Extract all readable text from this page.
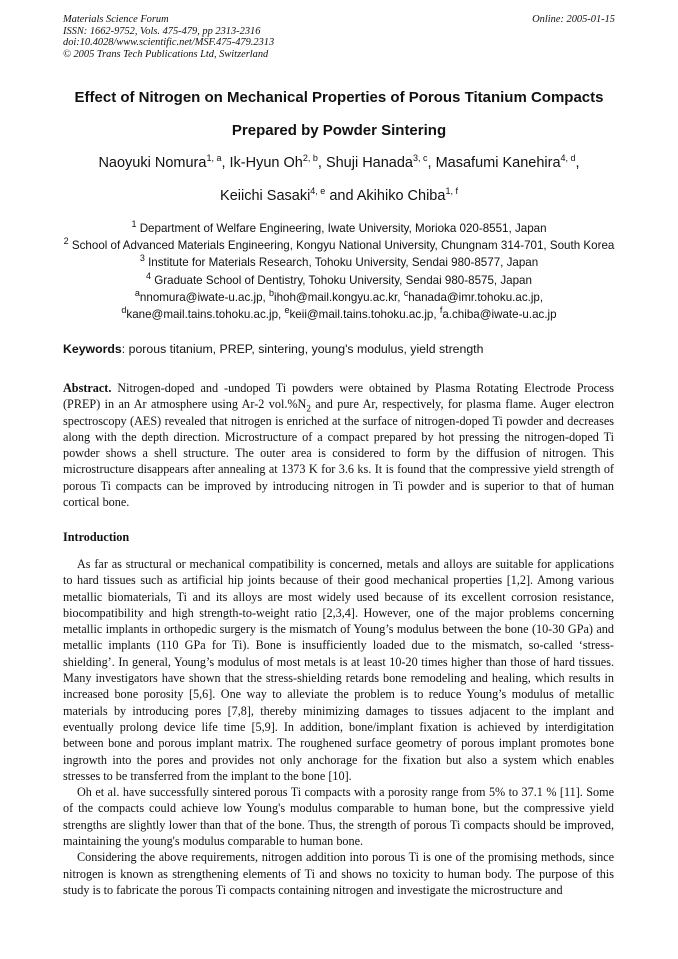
Materials Science Forum
ISSN: 1662-9752, Vols. 475-479, pp 2313-2316
doi:10.4028/www.scientific.net/MSF.475-479.2313
© 2005 Trans Tech Publications Ltd, Switzerland
Online: 2005-01-15
Effect of Nitrogen on Mechanical Properties of Porous Titanium Compacts
Prepared by Powder Sintering
Naoyuki Nomura$^{1, a}$, Ik-Hyun Oh$^{2, b}$, Shuji Hanada$^{3, c}$, Masafumi Kanehira$^{4, d}$,
Keiichi Sasaki$^{4, e}$ and Akihiko Chiba$^{1, f}$
$^1$ Department of Welfare Engineering, Iwate University, Morioka 020-8551, Japan
$^2$ School of Advanced Materials Engineering, Kongyu National University, Chungnam 314-701, South Korea
$^3$ Institute for Materials Research, Tohoku University, Sendai 980-8577, Japan
$^4$ Graduate School of Dentistry, Tohoku University, Sendai 980-8575, Japan
$^a$nnomura@iwate-u.ac.jp, $^b$ihoh@mail.kongyu.ac.kr, $^c$hanada@imr.tohoku.ac.jp,
$^d$kane@mail.tains.tohoku.ac.jp, $^e$keii@mail.tains.tohoku.ac.jp, $^f$a.chiba@iwate-u.ac.jp
Keywords: porous titanium, PREP, sintering, young's modulus, yield strength

Abstract. Nitrogen-doped and -undoped Ti powders were obtained by Plasma Rotating Electrode Process (PREP) in an Ar atmosphere using Ar-2 $vol.\%N_2$ and pure Ar, respectively, for plasma flame. Auger electron spectroscopy (AES) revealed that nitrogen is enriched at the surface of nitrogen-doped Ti powder and decreases along with the depth direction. Microstructure of a compact prepared by hot pressing the nitrogen-doped Ti powder shows a shell structure. The outer area is considered to form by the diffusion of nitrogen. This microstructure disappears after annealing at 1373 K for 3.6 ks. It is found that the compressive yield strength of porous Ti compacts can be improved by introducing nitrogen in Ti powder and is superior to that of human cortical bone.

Introduction

As far as structural or mechanical compatibility is concerned, metals and alloys are suitable for applications to hard tissues such as artificial hip joints because of their good mechanical properties [1,2]. Among various metallic biomaterials, Ti and its alloys are most widely used because of its excellent corrosion resistance, biocompatibility and high strength-to-weight ratio [2,3,4]. However, one of the major problems concerning metallic implants in orthopedic surgery is the mismatch of Young’s modulus between the bone (10-30 GPa) and metallic implants (110 GPa for Ti). Bone is insufficiently loaded due to the mismatch, so-called ‘stress-shielding’. In general, Young’s modulus of most metals is at least 10-20 times higher than those of hard tissues. Many investigators have shown that the stress-shielding retards bone remodeling and healing, which results in increased bone porosity [5,6]. One way to alleviate the problem is to reduce Young’s modulus of metallic materials by introducing pores [7,8], thereby minimizing damages to tissues adjacent to the implant and eventually prolong device life time [5,9]. In addition, bone/implant fixation is achieved by interdigitation between bone and porous implant matrix. The roughened surface geometry of porous implant promotes bone ingrowth into the pores and provides not only anchorage for the fixation but also a system which enables stresses to be transferred from the implant to the bone [10].

Oh et al. have successfully sintered porous Ti compacts with a porosity range from 5% to 37.1 % [11]. Some of the compacts could achieve low Young's modulus comparable to human bone, but the compressive yield strengths are slightly lower than that of the bone. Thus, the strength of porous Ti compacts should be improved, maintaining the young's modulus comparable to human bone.

Considering the above requirements, nitrogen addition into porous Ti is one of the promising methods, since nitrogen is known as strengthening elements of Ti and shows no toxicity to human body. The purpose of this study is to fabricate the porous Ti compacts containing nitrogen and investigate the microstructure and
